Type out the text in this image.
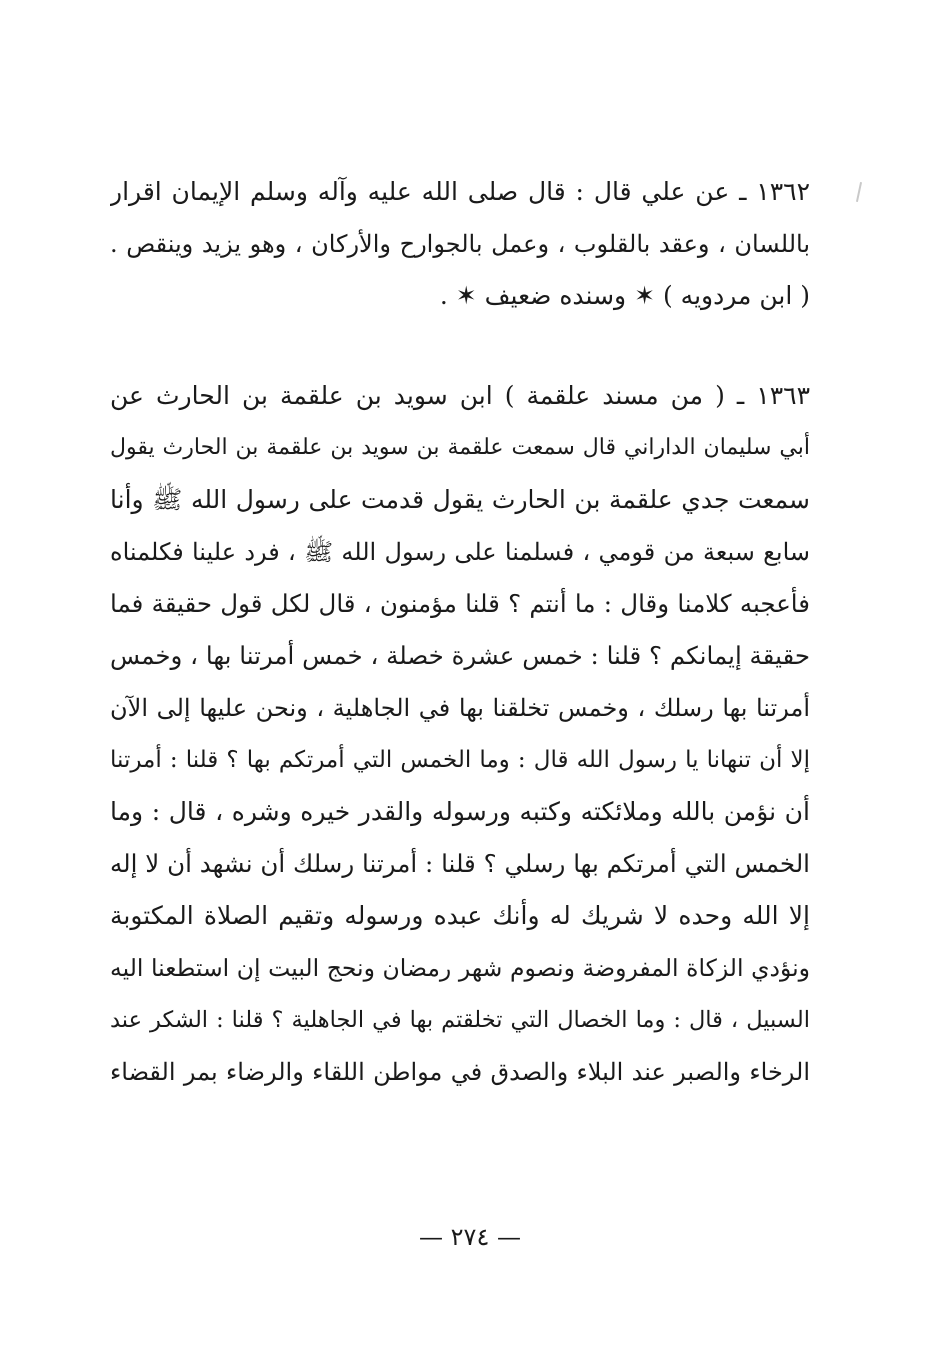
١٣٦٢ ـ عن علي قال : قال صلى الله عليه وآله وسلم الإيمان اقرار
باللسان ، وعقد بالقلوب ، وعمل بالجوارح والأركان ، وهو يزيد وينقص .
( ابن مردويه ) ✶ وسنده ضعيف ✶ .
١٣٦٣ ـ ( من مسند علقمة ) ابن سويد بن علقمة بن الحارث عن
أبي سليمان الداراني قال سمعت علقمة بن سويد بن علقمة بن الحارث يقول
سمعت جدي علقمة بن الحارث يقول قدمت على رسول الله ﷺ وأنا
سابع سبعة من قومي ، فسلمنا على رسول الله ﷺ ، فرد علينا فكلمناه
فأعجبه كلامنا وقال : ما أنتم ؟ قلنا مؤمنون ، قال لكل قول حقيقة فما
حقيقة إيمانكم ؟ قلنا : خمس عشرة خصلة ، خمس أمرتنا بها ، وخمس
أمرتنا بها رسلك ، وخمس تخلقنا بها في الجاهلية ، ونحن عليها إلى الآن
إلا أن تنهانا يا رسول الله قال : وما الخمس التي أمرتكم بها ؟ قلنا : أمرتنا
أن نؤمن بالله وملائكته وكتبه ورسوله والقدر خيره وشره ، قال : وما
الخمس التي أمرتكم بها رسلي ؟ قلنا : أمرتنا رسلك أن نشهد أن لا إله
إلا الله وحده لا شريك له وأنك عبده ورسوله وتقيم الصلاة المكتوبة
ونؤدي الزكاة المفروضة ونصوم شهر رمضان ونحج البيت إن استطعنا اليه
السبيل ، قال : وما الخصال التي تخلقتم بها في الجاهلية ؟ قلنا : الشكر عند
الرخاء والصبر عند البلاء والصدق في مواطن اللقاء والرضاء بمر القضاء
— ٢٧٤ —
